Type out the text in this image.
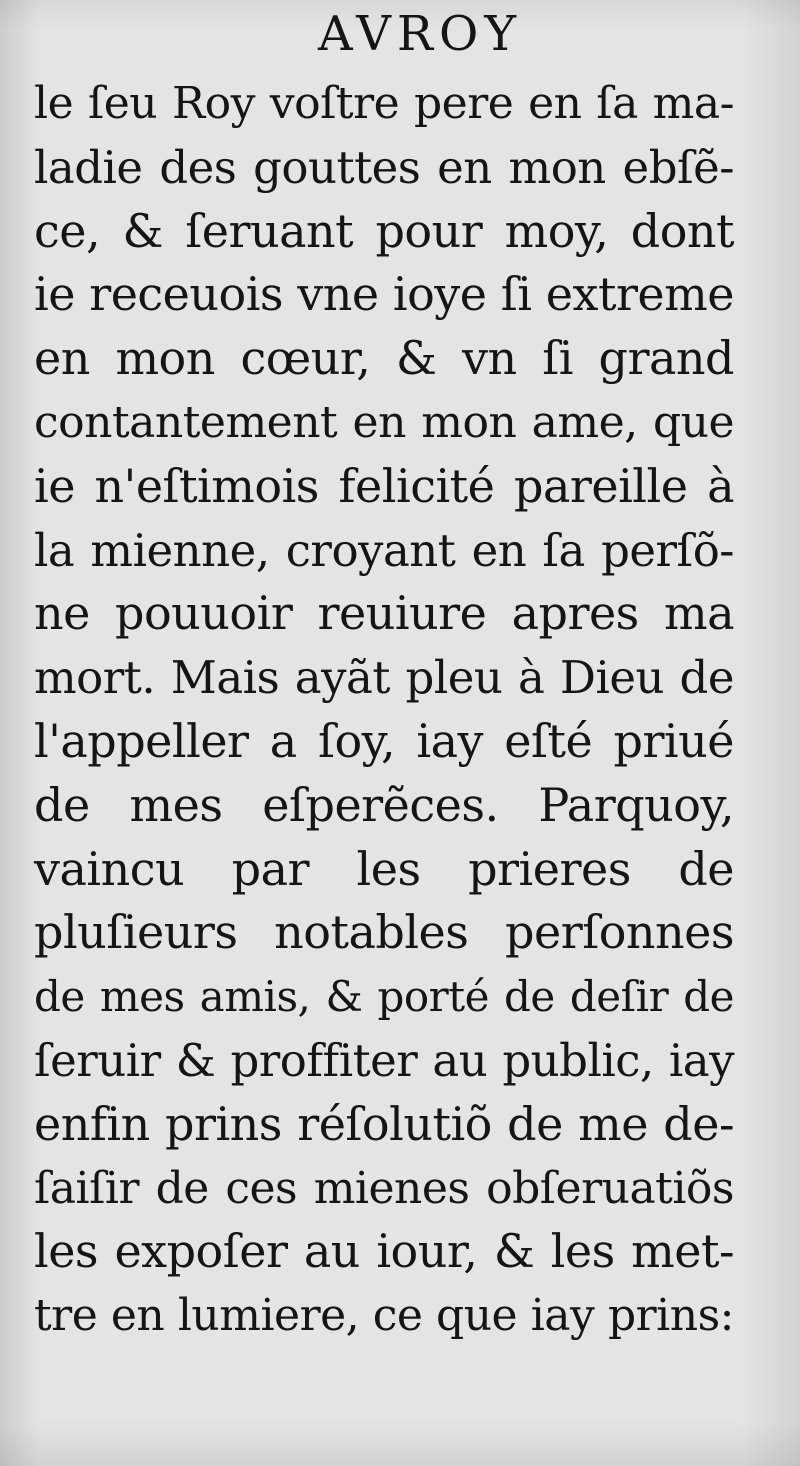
AVROY
le ſeu Roy voſtre pere en ſa ma-
ladie des gouttes en mon ebſẽ-
ce, & ſeruant pour moy, dont
ie receuois vne ioye ſi extreme
en mon cœur, & vn ſi grand
contantement en mon ame, que
ie n'eſtimois felicité pareille à
la mienne, croyant en ſa perſõ-
ne pouuoir reuiure apres ma
mort. Mais ayãt pleu à Dieu de
l'appeller a ſoy, iay eſté priué
de mes eſperẽces. Parquoy,
vaincu par les prieres de
pluſieurs notables perſonnes
de mes amis, & porté de deſir de
ſeruir & proffiter au public, iay
enfin prins réſolutiõ de me de-
ſaiſir de ces mienes obſeruatiõs
les expoſer au iour, & les met-
tre en lumiere, ce que iay prins:
